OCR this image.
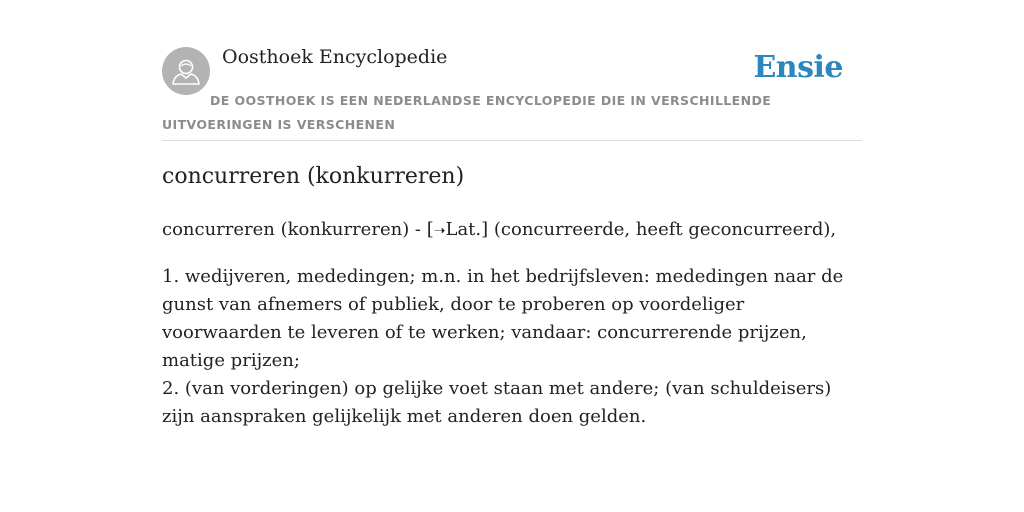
Oosthoek Encyclopedie	Ensie
DE OOSTHOEK IS EEN NEDERLANDSE ENCYCLOPEDIE DIE IN VERSCHILLENDE UITVOERINGEN IS VERSCHENEN
concurreren (konkurreren)

concurreren (konkurreren) - [➝Lat.] (concurreerde, heeft geconcurreerd),

1. wedijveren, mededingen; m.n. in het bedrijfsleven: mededingen naar de gunst van afnemers of publiek, door te proberen op voordeliger voorwaarden te leveren of te werken; vandaar: concurrerende prijzen, matige prijzen;
2. (van vorderingen) op gelijke voet staan met andere; (van schuldeisers) zijn aanspraken gelijkelijk met anderen doen gelden.
